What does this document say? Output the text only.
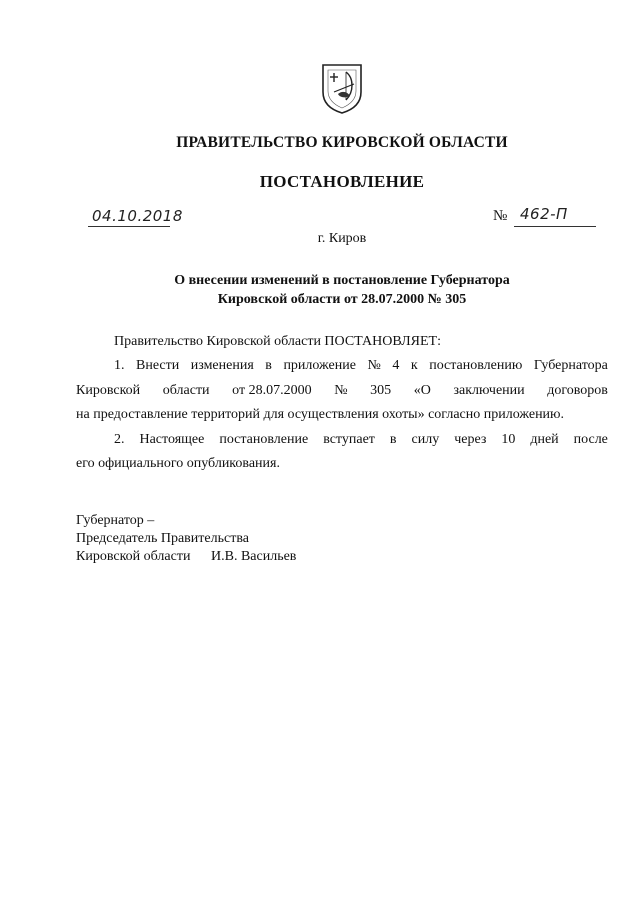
ПРАВИТЕЛЬСТВО КИРОВСКОЙ ОБЛАСТИ
ПОСТАНОВЛЕНИЕ
04.10.2018	№ 462-П
г. Киров
О внесении изменений в постановление Губернатора
Кировской области от 28.07.2000 № 305
Правительство Кировской области ПОСТАНОВЛЯЕТ:
1. Внести изменения в приложение № 4 к постановлению Губернатора
Кировской области от 28.07.2000 № 305 «О заключении договоров
на предоставление территорий для осуществления охоты» согласно приложению.
2. Настоящее постановление вступает в силу через 10 дней после
его официального опубликования.
Губернатор –
Председатель Правительства
Кировской области И.В. Васильев
